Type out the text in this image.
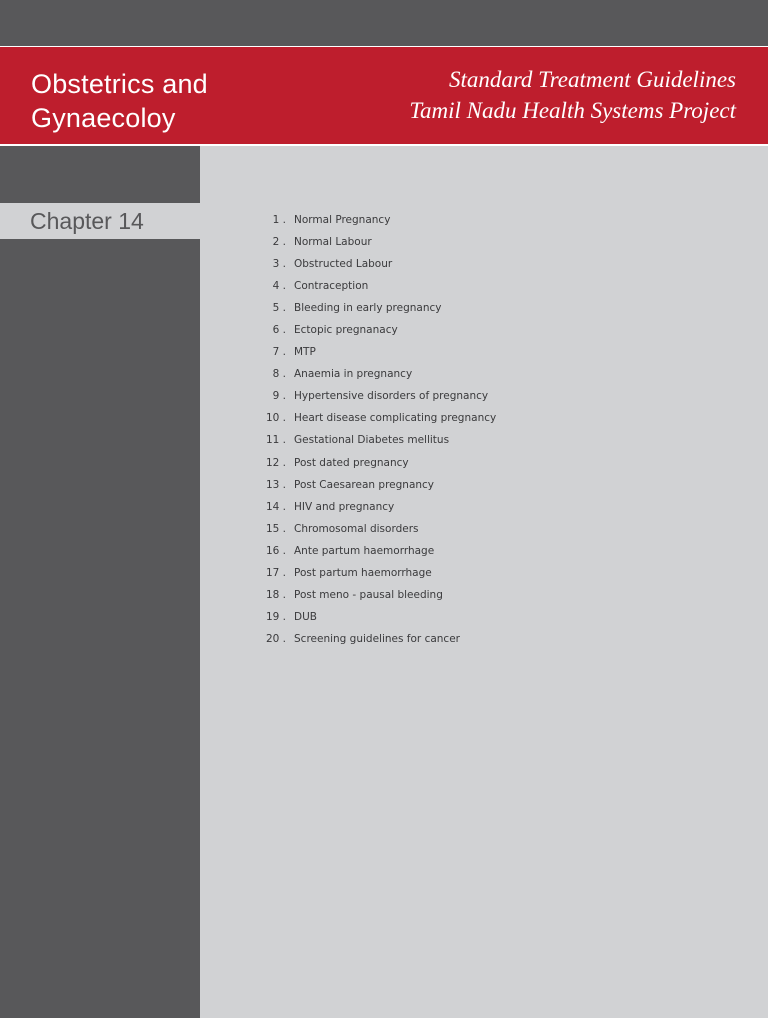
Obstetrics and
Gynaecoloy
Standard Treatment Guidelines
Tamil Nadu Health Systems Project
Chapter 14	1 . Normal Pregnancy
2 . Normal Labour
3 . Obstructed Labour
4 . Contraception
5 . Bleeding in early pregnancy
6 . Ectopic pregnanacy
7 . MTP
8 . Anaemia in pregnancy
9 . Hypertensive disorders of pregnancy
10 . Heart disease complicating pregnancy
11 . Gestational Diabetes mellitus
12 . Post dated pregnancy
13 . Post Caesarean pregnancy
14 . HIV and pregnancy
15 . Chromosomal disorders
16 . Ante partum haemorrhage
17 . Post partum haemorrhage
18 . Post meno - pausal bleeding
19 . DUB
20 . Screening guidelines for cancer
